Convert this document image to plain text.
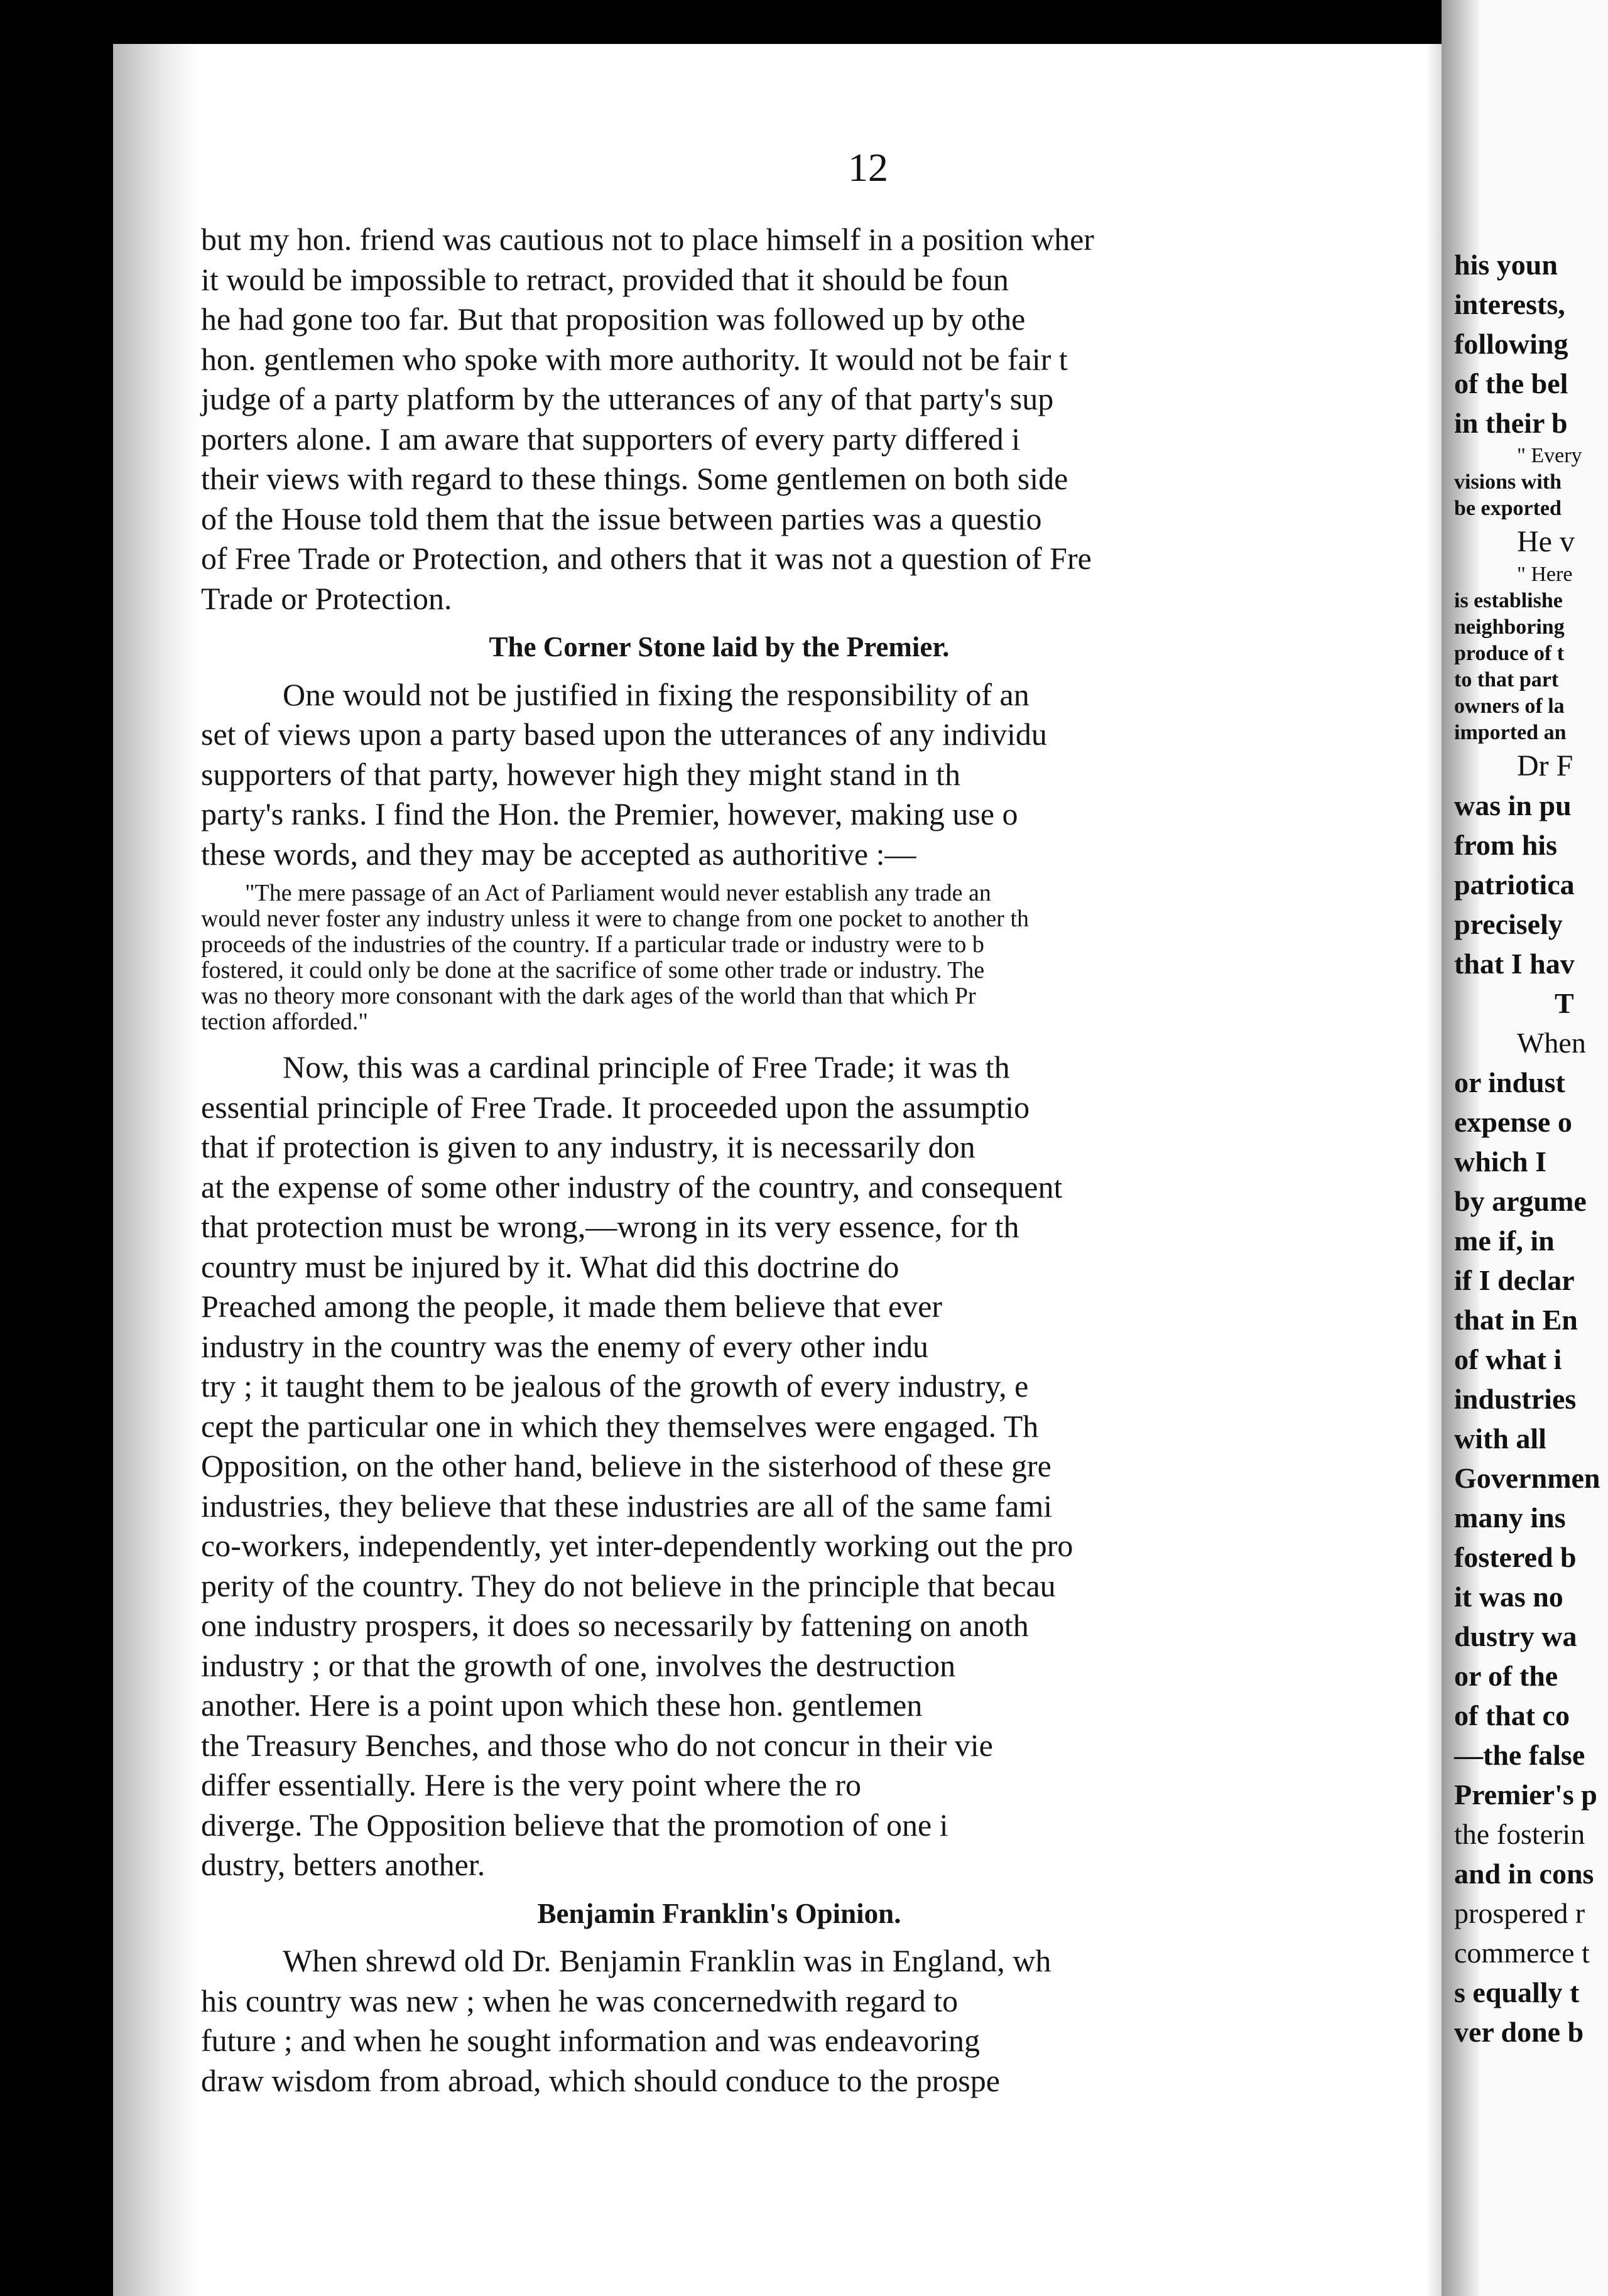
12

but my hon. friend was cautious not to place himself in a position wher

it would be impossible to retract, provided that it should be foun

he had gone too far. But that proposition was followed up by othe

hon. gentlemen who spoke with more authority. It would not be fair t

judge of a party platform by the utterances of any of that party's sup

porters alone. I am aware that supporters of every party differed i

their views with regard to these things. Some gentlemen on both side

of the House told them that the issue between parties was a questio

of Free Trade or Protection, and others that it was not a question of Fre

Trade or Protection.

The Corner Stone laid by the Premier.

One would not be justified in fixing the responsibility of an

set of views upon a party based upon the utterances of any individu

supporters of that party, however high they might stand in th

party's ranks. I find the Hon. the Premier, however, making use o

these words, and they may be accepted as authoritive :—

"The mere passage of an Act of Parliament would never establish any trade an

would never foster any industry unless it were to change from one pocket to another th

proceeds of the industries of the country. If a particular trade or industry were to b

fostered, it could only be done at the sacrifice of some other trade or industry. The

was no theory more consonant with the dark ages of the world than that which Pr

tection afforded."

Now, this was a cardinal principle of Free Trade; it was th

essential principle of Free Trade. It proceeded upon the assumptio

that if protection is given to any industry, it is necessarily don

at the expense of some other industry of the country, and consequent

that protection must be wrong,—wrong in its very essence, for th

country must be injured by it. What did this doctrine do

Preached among the people, it made them believe that ever

industry in the country was the enemy of every other indu

try ; it taught them to be jealous of the growth of every industry, e

cept the particular one in which they themselves were engaged. Th

Opposition, on the other hand, believe in the sisterhood of these gre

industries, they believe that these industries are all of the same fami

co-workers, independently, yet inter-dependently working out the pro

perity of the country. They do not believe in the principle that becau

one industry prospers, it does so necessarily by fattening on anoth

industry ; or that the growth of one, involves the destruction

another. Here is a point upon which these hon. gentlemen

the Treasury Benches, and those who do not concur in their vie

differ essentially. Here is the very point where the ro

diverge. The Opposition believe that the promotion of one i

dustry, betters another.

Benjamin Franklin's Opinion.

When shrewd old Dr. Benjamin Franklin was in England, wh

his country was new ; when he was concernedwith regard to

future ; and when he sought information and was endeavoring

draw wisdom from abroad, which should conduce to the prospe

his youn

interests,

following

of the bel

in their b

" Every

visions with

be exported

He v

" Here

is establishe

neighboring

produce of t

to that part

owners of la

imported an

Dr F

was in pu

from his

patriotica

precisely

that I hav

T

When

or indust

expense o

which I

by argume

me if, in

if I declar

that in En

of what i

industries

with all

Governmen

many ins

fostered b

it was no

dustry wa

or of the

of that co

—the false

Premier's p

the fosterin

and in cons

prospered r

commerce t

s equally t

ver done b
